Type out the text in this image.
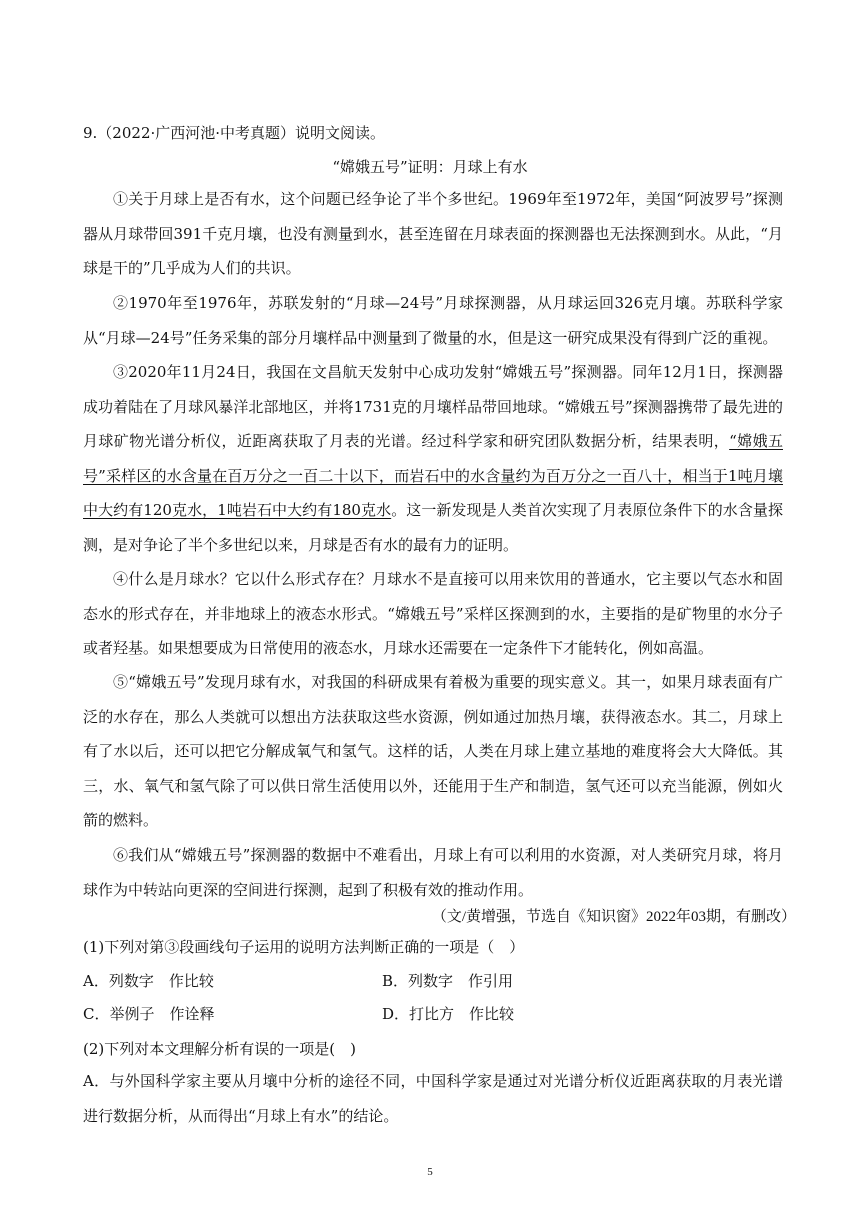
9.（2022·广西河池·中考真题）说明文阅读。
“嫦娥五号”证明：月球上有水

①关于月球上是否有水，这个问题已经争论了半个多世纪。1969年至1972年，美国“阿波罗号”探测器从月球带回391千克月壤，也没有测量到水，甚至连留在月球表面的探测器也无法探测到水。从此，“月球是干的”几乎成为人们的共识。

②1970年至1976年，苏联发射的“月球—24号”月球探测器，从月球运回326克月壤。苏联科学家从“月球—24号”任务采集的部分月壤样品中测量到了微量的水，但是这一研究成果没有得到广泛的重视。

③2020年11月24日，我国在文昌航天发射中心成功发射“嫦娥五号”探测器。同年12月1日，探测器成功着陆在了月球风暴洋北部地区，并将1731克的月壤样品带回地球。“嫦娥五号”探测器携带了最先进的月球矿物光谱分析仪，近距离获取了月表的光谱。经过科学家和研究团队数据分析，结果表明，“嫦娥五号”采样区的水含量在百万分之一百二十以下，而岩石中的水含量约为百万分之一百八十，相当于1吨月壤中大约有120克水，1吨岩石中大约有180克水。这一新发现是人类首次实现了月表原位条件下的水含量探测，是对争论了半个多世纪以来，月球是否有水的最有力的证明。

④什么是月球水？它以什么形式存在？月球水不是直接可以用来饮用的普通水，它主要以气态水和固态水的形式存在，并非地球上的液态水形式。“嫦娥五号”采样区探测到的水，主要指的是矿物里的水分子或者羟基。如果想要成为日常使用的液态水，月球水还需要在一定条件下才能转化，例如高温。

⑤“嫦娥五号”发现月球有水，对我国的科研成果有着极为重要的现实意义。其一，如果月球表面有广泛的水存在，那么人类就可以想出方法获取这些水资源，例如通过加热月壤，获得液态水。其二，月球上有了水以后，还可以把它分解成氧气和氢气。这样的话，人类在月球上建立基地的难度将会大大降低。其三，水、氧气和氢气除了可以供日常生活使用以外，还能用于生产和制造，氢气还可以充当能源，例如火箭的燃料。

⑥我们从“嫦娥五号”探测器的数据中不难看出，月球上有可以利用的水资源，对人类研究月球，将月球作为中转站向更深的空间进行探测，起到了积极有效的推动作用。

（文/黄增强，节选自《知识窗》2022年03期，有删改）
(1)下列对第③段画线句子运用的说明方法判断正确的一项是（　）
A．列数字　作比较	B．列数字　作引用
C．举例子　作诠释	D．打比方　作比较
(2)下列对本文理解分析有误的一项是(　)

A．与外国科学家主要从月壤中分析的途径不同，中国科学家是通过对光谱分析仪近距离获取的月表光谱进行数据分析，从而得出“月球上有水”的结论。

5
